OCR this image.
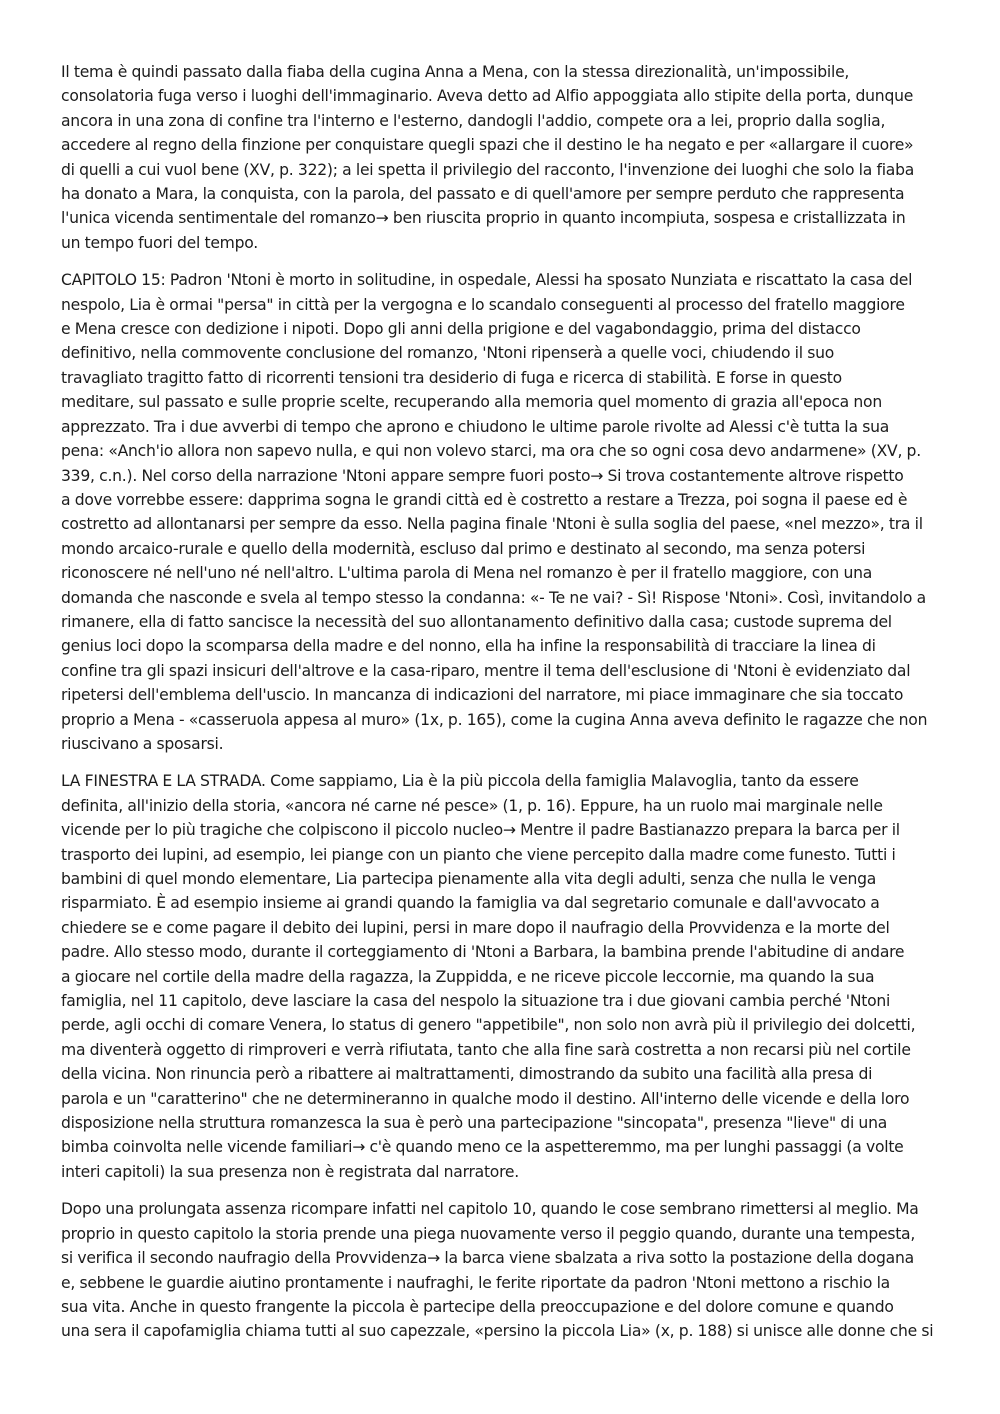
Il tema è quindi passato dalla fiaba della cugina Anna a Mena, con la stessa direzionalità, un'impossibile,
consolatoria fuga verso i luoghi dell'immaginario. Aveva detto ad Alfio appoggiata allo stipite della porta, dunque
ancora in una zona di confine tra l'interno e l'esterno, dandogli l'addio, compete ora a lei, proprio dalla soglia,
accedere al regno della finzione per conquistare quegli spazi che il destino le ha negato e per «allargare il cuore»
di quelli a cui vuol bene (XV, p. 322); a lei spetta il privilegio del racconto, l'invenzione dei luoghi che solo la fiaba
ha donato a Mara, la conquista, con la parola, del passato e di quell'amore per sempre perduto che rappresenta
l'unica vicenda sentimentale del romanzo→ ben riuscita proprio in quanto incompiuta, sospesa e cristallizzata in
un tempo fuori del tempo.
CAPITOLO 15: Padron 'Ntoni è morto in solitudine, in ospedale, Alessi ha sposato Nunziata e riscattato la casa del
nespolo, Lia è ormai "persa" in città per la vergogna e lo scandalo conseguenti al processo del fratello maggiore
e Mena cresce con dedizione i nipoti. Dopo gli anni della prigione e del vagabondaggio, prima del distacco
definitivo, nella commovente conclusione del romanzo, 'Ntoni ripenserà a quelle voci, chiudendo il suo
travagliato tragitto fatto di ricorrenti tensioni tra desiderio di fuga e ricerca di stabilità. E forse in questo
meditare, sul passato e sulle proprie scelte, recuperando alla memoria quel momento di grazia all'epoca non
apprezzato. Tra i due avverbi di tempo che aprono e chiudono le ultime parole rivolte ad Alessi c'è tutta la sua
pena: «Anch'io allora non sapevo nulla, e qui non volevo starci, ma ora che so ogni cosa devo andarmene» (XV, p.
339, c.n.). Nel corso della narrazione 'Ntoni appare sempre fuori posto→ Si trova costantemente altrove rispetto
a dove vorrebbe essere: dapprima sogna le grandi città ed è costretto a restare a Trezza, poi sogna il paese ed è
costretto ad allontanarsi per sempre da esso. Nella pagina finale 'Ntoni è sulla soglia del paese, «nel mezzo», tra il
mondo arcaico-rurale e quello della modernità, escluso dal primo e destinato al secondo, ma senza potersi
riconoscere né nell'uno né nell'altro. L'ultima parola di Mena nel romanzo è per il fratello maggiore, con una
domanda che nasconde e svela al tempo stesso la condanna: «- Te ne vai? - Sì! Rispose 'Ntoni». Così, invitandolo a
rimanere, ella di fatto sancisce la necessità del suo allontanamento definitivo dalla casa; custode suprema del
genius loci dopo la scomparsa della madre e del nonno, ella ha infine la responsabilità di tracciare la linea di
confine tra gli spazi insicuri dell'altrove e la casa-riparo, mentre il tema dell'esclusione di 'Ntoni è evidenziato dal
ripetersi dell'emblema dell'uscio. In mancanza di indicazioni del narratore, mi piace immaginare che sia toccato
proprio a Mena - «casseruola appesa al muro» (1x, p. 165), come la cugina Anna aveva definito le ragazze che non
riuscivano a sposarsi.
LA FINESTRA E LA STRADA. Come sappiamo, Lia è la più piccola della famiglia Malavoglia, tanto da essere
definita, all'inizio della storia, «ancora né carne né pesce» (1, p. 16). Eppure, ha un ruolo mai marginale nelle
vicende per lo più tragiche che colpiscono il piccolo nucleo→ Mentre il padre Bastianazzo prepara la barca per il
trasporto dei lupini, ad esempio, lei piange con un pianto che viene percepito dalla madre come funesto. Tutti i
bambini di quel mondo elementare, Lia partecipa pienamente alla vita degli adulti, senza che nulla le venga
risparmiato. È ad esempio insieme ai grandi quando la famiglia va dal segretario comunale e dall'avvocato a
chiedere se e come pagare il debito dei lupini, persi in mare dopo il naufragio della Provvidenza e la morte del
padre. Allo stesso modo, durante il corteggiamento di 'Ntoni a Barbara, la bambina prende l'abitudine di andare
a giocare nel cortile della madre della ragazza, la Zuppidda, e ne riceve piccole leccornie, ma quando la sua
famiglia, nel 11 capitolo, deve lasciare la casa del nespolo la situazione tra i due giovani cambia perché 'Ntoni
perde, agli occhi di comare Venera, lo status di genero "appetibile", non solo non avrà più il privilegio dei dolcetti,
ma diventerà oggetto di rimproveri e verrà rifiutata, tanto che alla fine sarà costretta a non recarsi più nel cortile
della vicina. Non rinuncia però a ribattere ai maltrattamenti, dimostrando da subito una facilità alla presa di
parola e un "caratterino" che ne determineranno in qualche modo il destino. All'interno delle vicende e della loro
disposizione nella struttura romanzesca la sua è però una partecipazione "sincopata", presenza "lieve" di una
bimba coinvolta nelle vicende familiari→ c'è quando meno ce la aspetteremmo, ma per lunghi passaggi (a volte
interi capitoli) la sua presenza non è registrata dal narratore.
Dopo una prolungata assenza ricompare infatti nel capitolo 10, quando le cose sembrano rimettersi al meglio. Ma
proprio in questo capitolo la storia prende una piega nuovamente verso il peggio quando, durante una tempesta,
si verifica il secondo naufragio della Provvidenza→ la barca viene sbalzata a riva sotto la postazione della dogana
e, sebbene le guardie aiutino prontamente i naufraghi, le ferite riportate da padron 'Ntoni mettono a rischio la
sua vita. Anche in questo frangente la piccola è partecipe della preoccupazione e del dolore comune e quando
una sera il capofamiglia chiama tutti al suo capezzale, «persino la piccola Lia» (x, p. 188) si unisce alle donne che si
